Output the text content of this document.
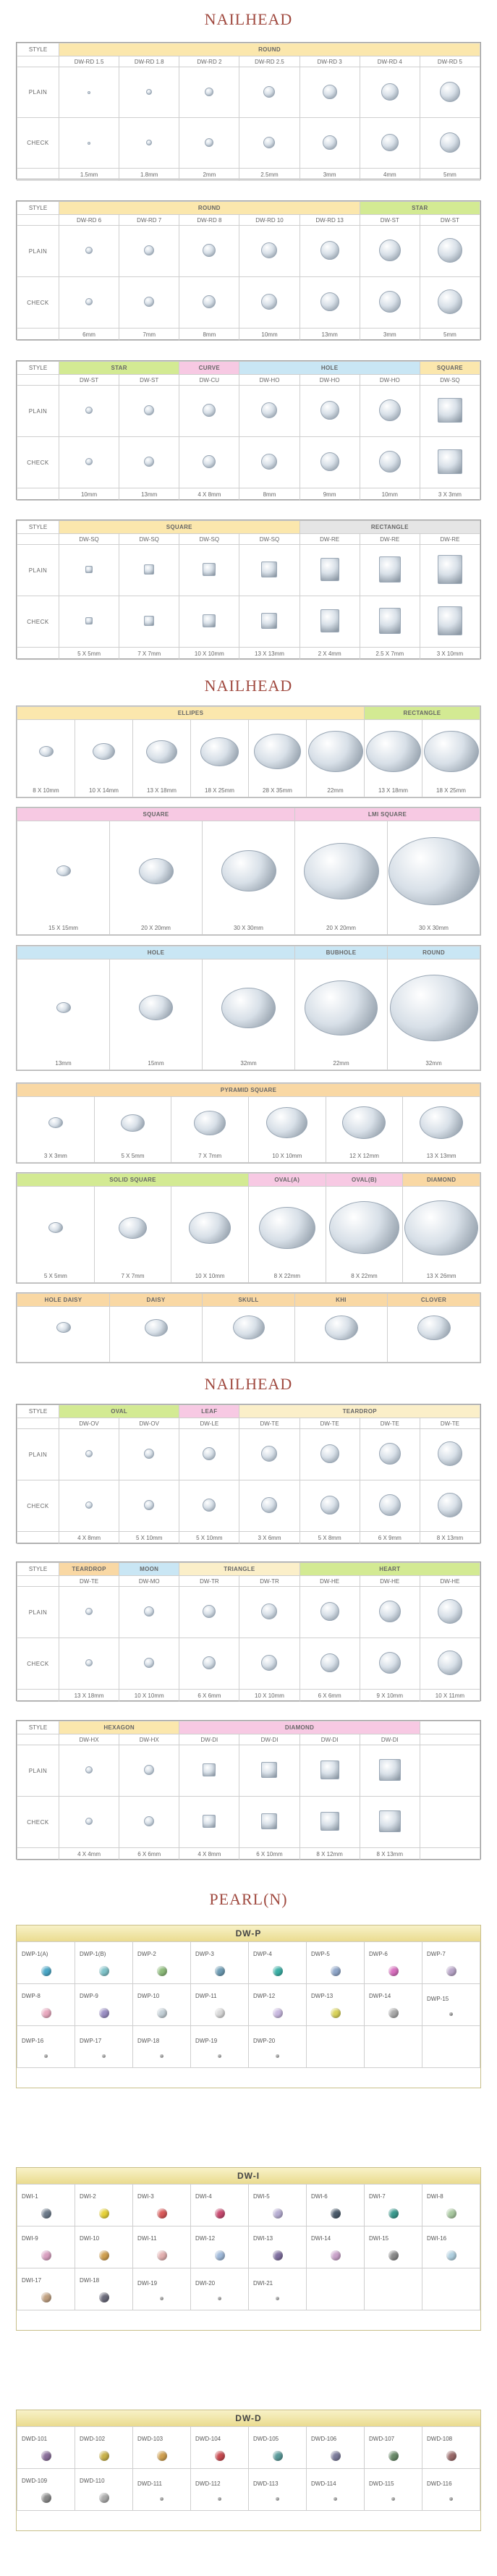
NAILHEAD
STYLE	ROUND						
	DW-RD 1.5	DW-RD 1.8	DW-RD 2	DW-RD 2.5	DW-RD 3	DW-RD 4	DW-RD 5
PLAIN							
CHECK							
	1.5mm	1.8mm	2mm	2.5mm	3mm	4mm	5mm
STYLE	ROUND					STAR	
	DW-RD 6	DW-RD 7	DW-RD 8	DW-RD 10	DW-RD 13	DW-ST	DW-ST
PLAIN							
CHECK							
	6mm	7mm	8mm	10mm	13mm	3mm	5mm
STYLE	STAR		CURVE	HOLE			SQUARE
	DW-ST	DW-ST	DW-CU	DW-HO	DW-HO	DW-HO	DW-SQ
PLAIN							
CHECK							
	10mm	13mm	4 X 8mm	8mm	9mm	10mm	3 X 3mm
STYLE	SQUARE				RECTANGLE		
	DW-SQ	DW-SQ	DW-SQ	DW-SQ	DW-RE	DW-RE	DW-RE
PLAIN							
CHECK							
	5 X 5mm	7 X 7mm	10 X 10mm	13 X 13mm	2 X 4mm	2.5 X 7mm	3 X 10mm
NAILHEAD
ELLIPES						RECTANGLE	

8 X 10mm	10 X 14mm	13 X 18mm	18 X 25mm	28 X 35mm	22mm	13 X 18mm	18 X 25mm
SQUARE			LMI SQUARE	

15 X 15mm	20 X 20mm	30 X 30mm	20 X 20mm	30 X 30mm
HOLE			BUBHOLE	ROUND

13mm	15mm	32mm	22mm	32mm
PYRAMID SQUARE					

3 X 3mm	5 X 5mm	7 X 7mm	10 X 10mm	12 X 12mm	13 X 13mm
SOLID SQUARE			OVAL(A)	OVAL(B)	DIAMOND

5 X 5mm	7 X 7mm	10 X 10mm	8 X 22mm	8 X 22mm	13 X 26mm
HOLE DAISY	DAISY	SKULL	KHI	CLOVER

NAILHEAD
STYLE	OVAL		LEAF	TEARDROP			
	DW-OV	DW-OV	DW-LE	DW-TE	DW-TE	DW-TE	DW-TE
PLAIN							
CHECK							
	4 X 8mm	5 X 10mm	5 X 10mm	3 X 6mm	5 X 8mm	6 X 9mm	8 X 13mm
STYLE	TEARDROP	MOON	TRIANGLE		HEART		
	DW-TE	DW-MO	DW-TR	DW-TR	DW-HE	DW-HE	DW-HE
PLAIN							
CHECK							
	13 X 18mm	10 X 10mm	6 X 6mm	10 X 10mm	6 X 6mm	9 X 10mm	10 X 11mm
STYLE	HEXAGON		DIAMOND				
	DW-HX	DW-HX	DW-DI	DW-DI	DW-DI	DW-DI	
PLAIN							
CHECK							
	4 X 4mm	6 X 6mm	4 X 8mm	6 X 10mm	8 X 12mm	8 X 13mm	
PEARL(N)
DW-P
DWP-1(A)	DWP-1(B)	DWP-2	DWP-3	DWP-4	DWP-5	DWP-6	DWP-7

DWP-8	DWP-9	DWP-10	DWP-11	DWP-12	DWP-13	DWP-14	DWP-15

DWP-16	DWP-17	DWP-18	DWP-19	DWP-20			

DW-I
DWI-1	DWI-2	DWI-3	DWI-4	DWI-5	DWI-6	DWI-7	DWI-8

DWI-9	DWI-10	DWI-11	DWI-12	DWI-13	DWI-14	DWI-15	DWI-16

DWI-17	DWI-18	DWI-19	DWI-20	DWI-21			

DW-D
DWD-101	DWD-102	DWD-103	DWD-104	DWD-105	DWD-106	DWD-107	DWD-108

DWD-109	DWD-110	DWD-111	DWD-112	DWD-113	DWD-114	DWD-115	DWD-116
